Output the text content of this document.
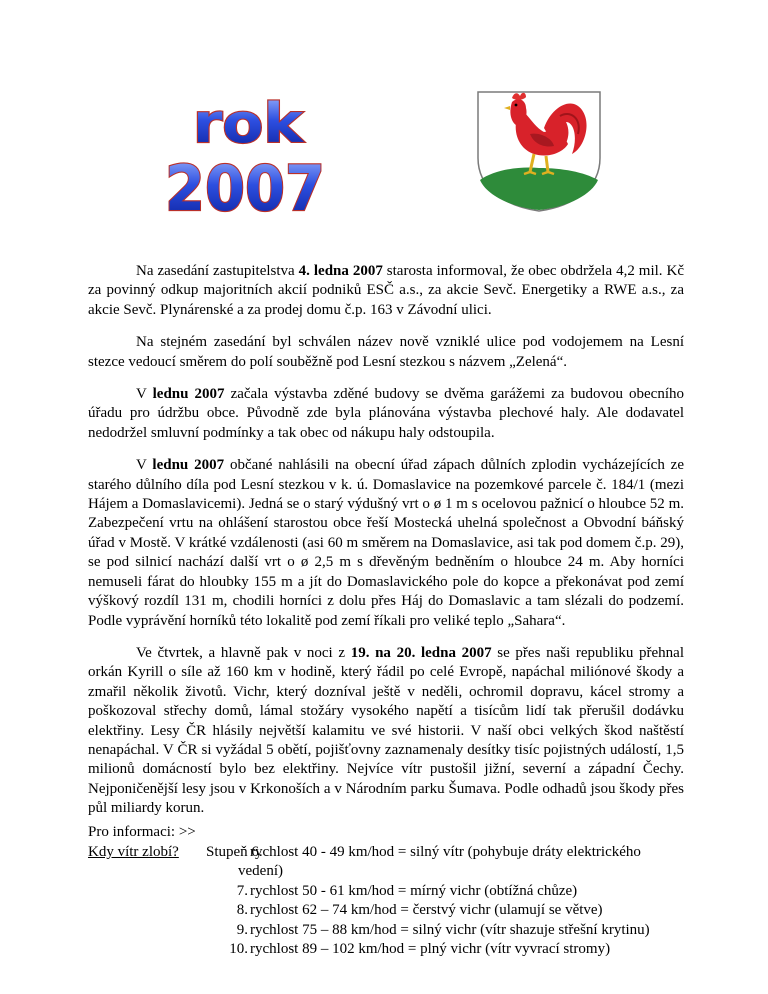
rok
2007

Na zasedání zastupitelstva 4. ledna 2007 starosta informoval, že obec obdržela 4,2 mil. Kč za povinný odkup majoritních akcií podniků ESČ a.s., za akcie Sevč. Energetiky a RWE a.s., za akcie Sevč. Plynárenské a za prodej domu č.p. 163 v Závodní ulici.

Na stejném zasedání byl schválen název nově vzniklé ulice pod vodojemem na Lesní stezce vedoucí směrem do polí souběžně pod Lesní stezkou s názvem „Zelená“.

V lednu 2007 začala výstavba zděné budovy se dvěma garážemi za budovou obecního úřadu pro údržbu obce. Původně zde byla plánována výstavba plechové haly. Ale dodavatel nedodržel smluvní podmínky a tak obec od nákupu haly odstoupila.

V lednu 2007 občané nahlásili na obecní úřad zápach důlních zplodin vycházejících ze starého důlního díla pod Lesní stezkou v k. ú. Domaslavice na pozemkové parcele č. 184/1 (mezi Hájem a Domaslavicemi). Jedná se o starý výdušný vrt o ø 1 m s ocelovou pažnicí o hloubce 52 m. Zabezpečení vrtu na ohlášení starostou obce řeší Mostecká uhelná společnost a Obvodní báňský úřad v Mostě. V krátké vzdálenosti (asi 60 m směrem na Domaslavice, asi tak pod domem č.p. 29), se pod silnicí nachází další vrt o ø 2,5 m s dřevěným bedněním o hloubce 24 m. Aby horníci nemuseli fárat do hloubky 155 m a jít do Domaslavického pole do kopce a překonávat pod zemí výškový rozdíl 131 m, chodili horníci z dolu přes Háj do Domaslavic a tam slézali do podzemí. Podle vyprávění horníků této lokalitě pod zemí říkali pro veliké teplo „Sahara“.

Ve čtvrtek, a hlavně pak v noci z 19. na 20. ledna 2007 se přes naši republiku přehnal orkán Kyrill o síle až 160 km v hodině, který řádil po celé Evropě, napáchal miliónové škody a zmařil několik životů. Vichr, který dozníval ještě v neděli, ochromil dopravu, kácel stromy a poškozoval střechy domů, lámal stožáry vysokého napětí a tisícům lidí tak přerušil dodávku elektřiny. Lesy ČR hlásily největší kalamitu ve své historii. V naší obci velkých škod naštěstí nenapáchal. V ČR si vyžádal 5 obětí, pojišťovny zaznamenaly desítky tisíc pojistných událostí, 1,5 milionů domácností bylo bez elektřiny. Nejvíce vítr pustošil jižní, severní a západní Čechy. Nejponičenější lesy jsou v Krkonoších a v Národním parku Šumava. Podle odhadů jsou škody přes půl miliardy korun.

Pro informaci: >>
Kdy vítr zlobí? Stupeň 6.
rychlost 40 - 49 km/hod = silný vítr (pohybuje dráty elektrického
vedení)
7. rychlost 50 - 61 km/hod = mírný vichr (obtížná chůze)
8. rychlost 62 – 74 km/hod = čerstvý vichr (ulamují se větve)
9. rychlost 75 – 88 km/hod = silný vichr (vítr shazuje střešní krytinu)
10. rychlost 89 – 102 km/hod = plný vichr (vítr vyvrací stromy)
